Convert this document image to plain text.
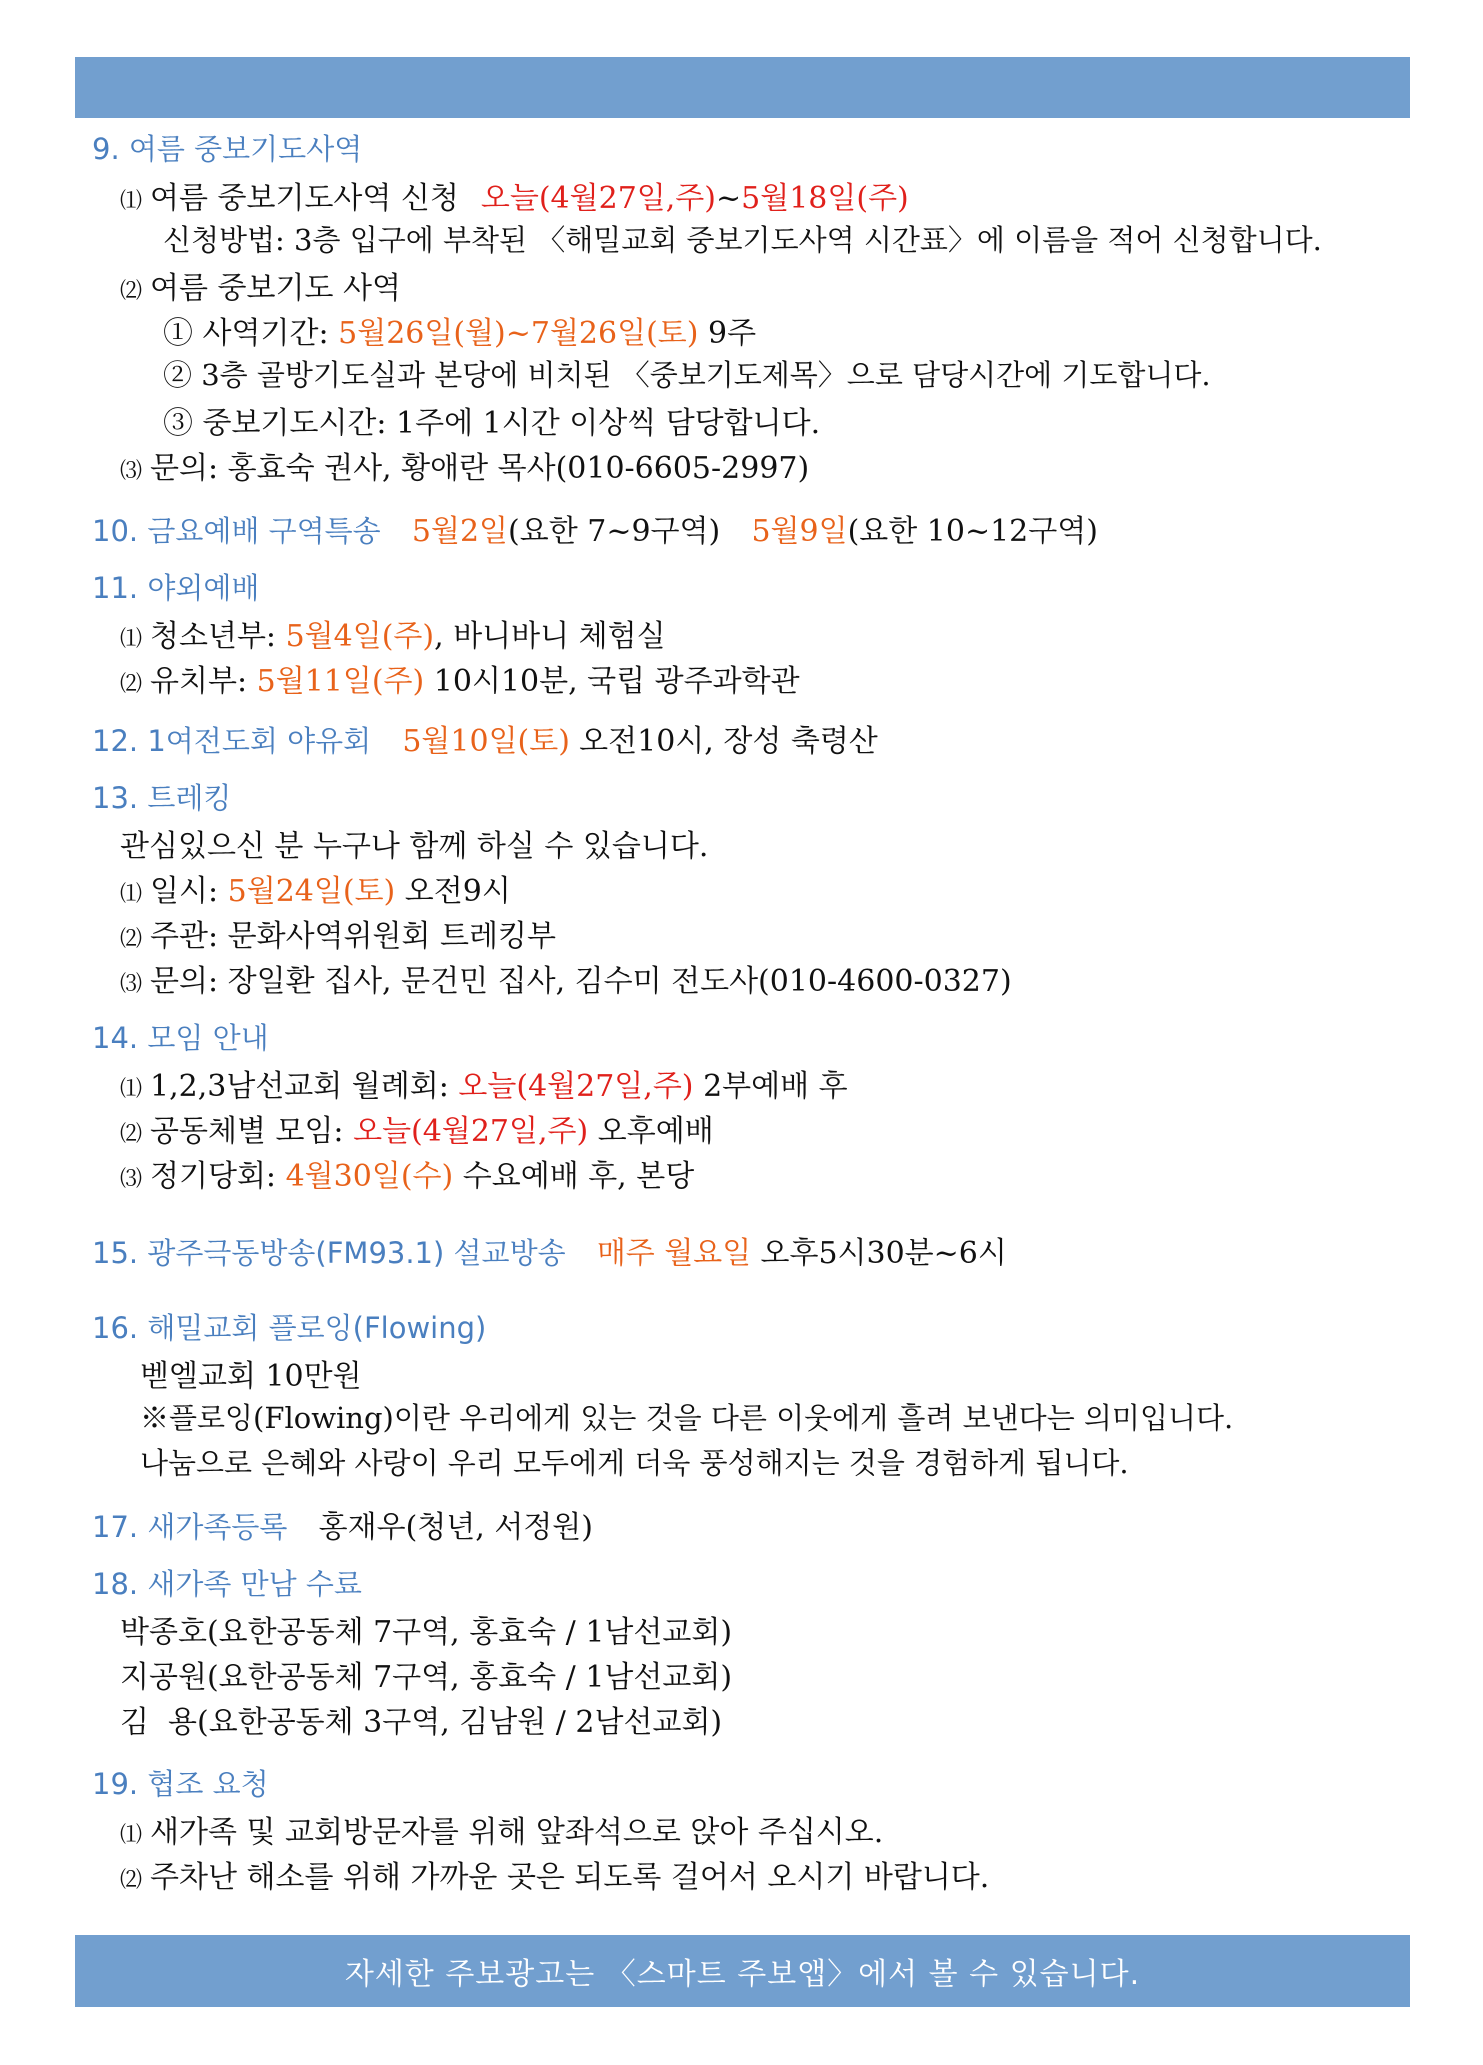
9. 여름 중보기도사역
⑴ 여름 중보기도사역 신청 오늘(4월27일,주)~5월18일(주)
신청방법: 3층 입구에 부착된 〈해밀교회 중보기도사역 시간표〉에 이름을 적어 신청합니다.
⑵ 여름 중보기도 사역
① 사역기간: 5월26일(월)~7월26일(토) 9주
② 3층 골방기도실과 본당에 비치된 〈중보기도제목〉으로 담당시간에 기도합니다.
③ 중보기도시간: 1주에 1시간 이상씩 담당합니다.
⑶ 문의: 홍효숙 권사, 황애란 목사(010-6605-2997)
10. 금요예배 구역특송 5월2일(요한 7~9구역) 5월9일(요한 10~12구역)
11. 야외예배
⑴ 청소년부: 5월4일(주), 바니바니 체험실
⑵ 유치부: 5월11일(주) 10시10분, 국립 광주과학관
12. 1여전도회 야유회 5월10일(토) 오전10시, 장성 축령산
13. 트레킹
관심있으신 분 누구나 함께 하실 수 있습니다.
⑴ 일시: 5월24일(토) 오전9시
⑵ 주관: 문화사역위원회 트레킹부
⑶ 문의: 장일환 집사, 문건민 집사, 김수미 전도사(010-4600-0327)
14. 모임 안내
⑴ 1,2,3남선교회 월례회: 오늘(4월27일,주) 2부예배 후
⑵ 공동체별 모임: 오늘(4월27일,주) 오후예배
⑶ 정기당회: 4월30일(수) 수요예배 후, 본당
15. 광주극동방송(FM93.1) 설교방송 매주 월요일 오후5시30분~6시
16. 해밀교회 플로잉(Flowing)
벧엘교회 10만원
※플로잉(Flowing)이란 우리에게 있는 것을 다른 이웃에게 흘려 보낸다는 의미입니다.
나눔으로 은혜와 사랑이 우리 모두에게 더욱 풍성해지는 것을 경험하게 됩니다.
17. 새가족등록 홍재우(청년, 서정원)
18. 새가족 만남 수료
박종호(요한공동체 7구역, 홍효숙 / 1남선교회)
지공원(요한공동체 7구역, 홍효숙 / 1남선교회)
김  용(요한공동체 3구역, 김남원 / 2남선교회)
19. 협조 요청
⑴ 새가족 및 교회방문자를 위해 앞좌석으로 앉아 주십시오.
⑵ 주차난 해소를 위해 가까운 곳은 되도록 걸어서 오시기 바랍니다.
자세한 주보광고는 〈스마트 주보앱〉에서 볼 수 있습니다.
